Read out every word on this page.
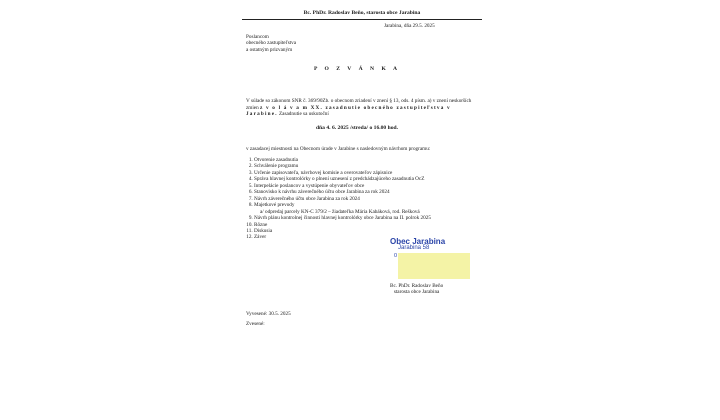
Bc. PhDr. Radoslav Beňo, starosta obce Jarabina
Jarabina, dňa 29.5. 2025
Poslancom
obecného zastupiteľstva
a ostatným prizvaným
P O Z V Á N K A
V súlade so zákonom SNR č. 369/90Zb. o obecnom zriadení v znení § 13, ods. 4 písm. a) v znení neskorších zmien z v o l á v a m XX. zasadnutie obecného zastupiteľstva v Jarabine. Zasadnutie sa uskutoční
dňa 4. 6. 2025 /streda/ o 16.00 hod.
v zasadacej miestnosti na Obecnom úrade v Jarabine s nasledovným návrhom programu:
1. Otvorenie zasadnutia
2. Schválenie programu
3. Určenie zapisovateľa, návrhovej komisie a overovateľov zápisnice
4. Správa hlavnej kontrolórky o plnení uznesení z predchádzajúceho zasadnutia OcZ
5. Interpelácie poslancov a vystúpenie obyvateľov obce
6. Stanovisko k návrhu záverečného účtu obce Jarabina za rok 2024
7. Návrh záverečného účtu obce Jarabina za rok 2024
8. Majetkové prevody
a/ odpredaj parcely KN-C 379/2 – žiadateľka Mária Kabáková, rod. Rešková
9. Návrh plánu kontrolnej činnosti hlavnej kontrolórky obce Jarabina na II. polrok 2025
10. Rôzne
11. Diskusia
12. Záver	Obec Jarabina
Jarabina 58
0
Bc. PhDr. Radoslav Beňo
starosta obce Jarabina
Vyvesené: 30.5. 2025
Zvesené:
